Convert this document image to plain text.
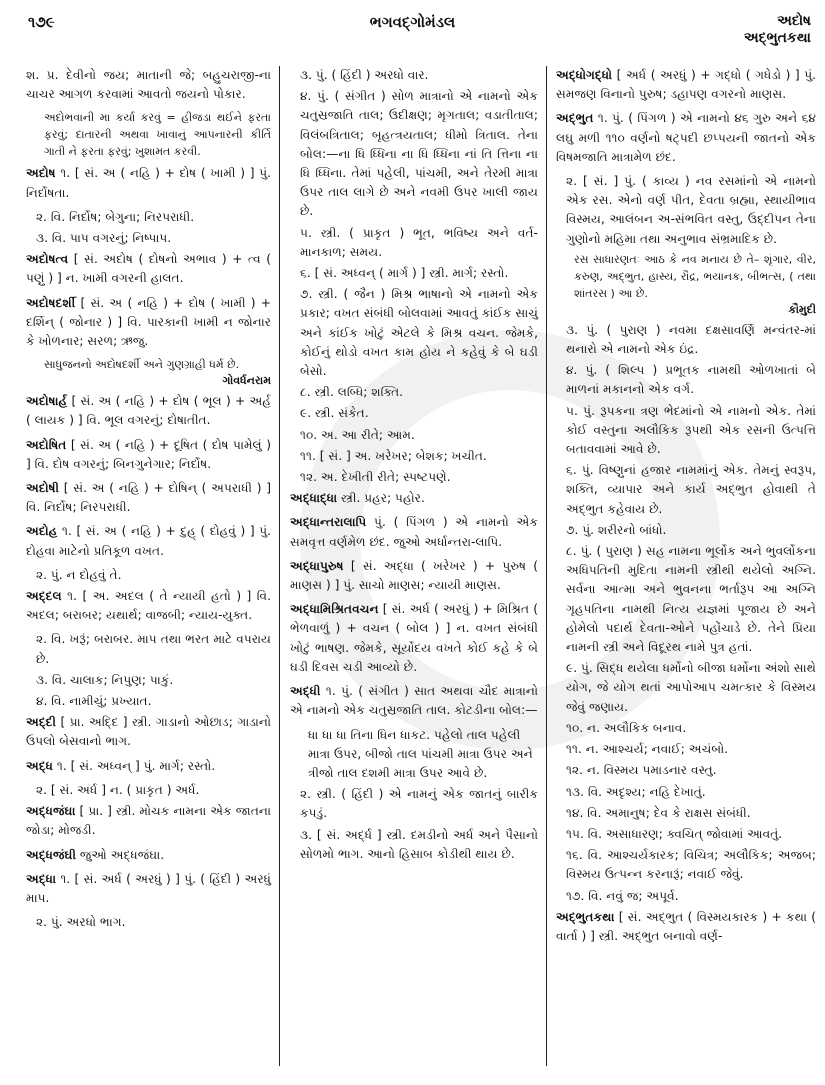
૧૭૯	ભગવદ્ગોમંડલ	અદોષ
અદ્ભુતકથા
શ. પ્ર. દેવીનો જય; માતાની જે; બહુચરાજી-ના ચાચર આગળ કરવામાં આવતો જયનો પોકાર.
અદોભવાની મા કર્યા કરવું = હીજડા થઈને ફરતા ફરવું; દાતારની અથવા ખાવાનું આપનારની કીર્તિ ગાતી ને ફરતા ફરવું; ખુશામત કરવી.
અદોષ ૧. [ સં. અ ( નહિ ) + દોષ ( ખામી ) ] પું. નિર્દોષતા.
૨. વિ. નિર્દોષ; બેગુના; નિરપરાધી.
૩. વિ. પાપ વગરનું; નિષ્પાપ.
અદોષત્વ [ સં. અદોષ ( દોષનો અભાવ ) + ત્વ ( પણું ) ] ન. ખામી વગરની હાલત.
અદોષદર્શી [ સં. અ ( નહિ ) + દોષ ( ખામી ) + દર્શિન્ ( જોનાર ) ] વિ. પારકાની ખામી ન જોનાર કે ખોળનાર; સરળ; ઋજુ.
સાધુજનનો અદોષદર્શી અને ગુણગ્રાહી ધર્મ છે.
ગોવર્ધનરામ
અદોષાર્હ [ સં. અ ( નહિ ) + દોષ ( ભૂલ ) + અર્હ ( લાયક ) ] વિ. ભૂલ વગરનું; દોષાતીત.
અદોષિત [ સં. અ ( નહિ ) + દૂષિત ( દોષ પામેલું ) ] વિ. દોષ વગરનું; બિનગુનેગાર; નિર્દોષ.
અદોષી [ સં. અ ( નહિ ) + દોષિન્ ( અપરાધી ) ] વિ. નિર્દોષ; નિરપરાધી.
અદોહ ૧. [ સં. અ ( નહિ ) + દુહ્ ( દોહવું ) ] પું. દોહવા માટેનો પ્રતિકૂળ વખત.
૨. પું. ન દોહવું તે.
અદ્દલ ૧. [ અ. અદલ ( તે ન્યાયી હતો ) ] વિ. અદલ; બરાબર; યથાર્થ; વાજબી; ન્યાય-યુક્ત.
૨. વિ. ખરૂં; બરાબર. માપ તથા ભરત માટે વપરાય છે.
૩. વિ. ચાલાક; નિપુણ; પાકું.
૪. વિ. નામીચું; પ્રખ્યાત.
અદ્દી [ પ્રા. અદ્દિ ] સ્ત્રી. ગાડાનો ઓછાડ; ગાડાનો ઉપલો બેસવાનો ભાગ.
અદ્ધ ૧. [ સં. અધ્વન્ ] પું. માર્ગ; રસ્તો.
૨. [ સં. અર્ધ ] ન. ( પ્રાકૃત ) અર્ધ.
અદ્ધજંઘા [ પ્રા. ] સ્ત્રી. મોચક નામના એક જાતના જોડા; મોજડી.
અદ્ધજંઘી જુઓ અદ્ધજંઘા.
અદ્ધા ૧. [ સં. અર્ધ ( અરધું ) ] પું. ( હિંદી ) અરધું માપ.
૨. પું. અરધો ભાગ.
૩. પું. ( હિંદી ) અરધો વાર.
૪. પું. ( સંગીત ) સોળ માત્રાનો એ નામનો એક ચતુસ્રજાતિ તાલ; ઉદીક્ષણ; મૃગતાલ; વડાતીતાલ; વિલંબત્રિતાલ; બૃહત્ત્રયતાલ; ધીમો ત્રિતાલ. તેના બોલ:—ના ધિ ધ્ધિના ના ધિ ધ્ધિના નાં તિ ત્તિના ના ધિ ધ્ધિના. તેમાં પહેલી, પાંચમી, અને તેરમી માત્રા ઉપર તાલ લાગે છે અને નવમી ઉપર ખાલી જાય છે.
૫. સ્ત્રી. ( પ્રાકૃત ) ભૂત, ભવિષ્ય અને વર્ત-માનકાળ; સમય.
૬. [ સં. અધ્વન્ ( માર્ગ ) ] સ્ત્રી. માર્ગ; રસ્તો.
૭. સ્ત્રી. ( જૈન ) મિશ્ર ભાષાનો એ નામનો એક પ્રકાર; વખત સંબંધી બોલવામાં આવતું કાંઈક સાચું અને કાંઈક ખોટું એટલે કે મિશ્ર વચન. જેમકે, કોઈનું થોડો વખત કામ હોય ને કહેવું કે બે ઘડી બેસો.
૮. સ્ત્રી. લબ્ધિ; શક્તિ.
૯. સ્ત્રી. સંકેત.
૧૦. અ. આ રીતે; આમ.
૧૧. [ સં. ] અ. ખરેખર; બેશક; ખચીત.
૧૨. અ. દેખીતી રીતે; સ્પષ્ટપણે.
અદ્ધાદ્ધા સ્ત્રી. પ્રહર; પહોર.
અદ્ધાન્તરાલાપિ પું. ( પિંગળ ) એ નામનો એક સમવૃત્ત વર્ણમેળ છંદ. જુઓ અર્ધાન્તરા-લાપિ.
અદ્ધાપુરુષ [ સં. અદ્ધા ( ખરેખર ) + પુરુષ ( માણસ ) ] પું. સાચો માણસ; ન્યાયી માણસ.
અદ્ધામિશ્રિતવચન [ સં. અર્ધ ( અરધું ) + મિશ્રિત ( ભેળવાળું ) + વચન ( બોલ ) ] ન. વખત સંબંધી ખોટું ભાષણ. જેમકે, સૂર્યોદય વખતે કોઈ કહે કે બે ઘડી દિવસ ચડી આવ્યો છે.
અદ્ધી ૧. પું. ( સંગીત ) સાત અથવા ચૌદ માત્રાનો એ નામનો એક ચતુસ્રજાતિ તાલ. કોટડીના બોલ:—
ધા ધા ધા તિના ધિન ધાકટ. પહેલો તાલ પહેલી માત્રા ઉપર, બીજો તાલ પાંચમી માત્રા ઉપર અને ત્રીજો તાલ દશમી માત્રા ઉપર આવે છે.
૨. સ્ત્રી. ( હિંદી ) એ નામનું એક જાતનું બારીક કપડું.
૩. [ સં. અર્દ્ધ ] સ્ત્રી. દમડીનો અર્ધ અને પૈસાનો સોળમો ભાગ. આનો હિસાબ કોડીથી થાય છે.
અદ્ધોગદ્ધો [ અર્ધ ( અરધું ) + ગદ્ધો ( ગધેડો ) ] પું. સમજણ વિનાનો પુરુષ; ડહાપણ વગરનો માણસ.
અદ્ભુત ૧. પું. ( પિંગળ ) એ નામનો ૪૬ ગુરુ અને ૬૪ લઘુ મળી ૧૧૦ વર્ણનો ષટ્પદી છપ્પયની જાતનો એક વિષમજાતિ માત્રામેળ છંદ.
૨. [ સં. ] પું. ( કાવ્ય ) નવ રસમાંનો એ નામનો એક રસ. એનો વર્ણ પીત, દેવતા બ્રહ્મા, સ્થાયીભાવ વિસ્મય, આલંબન અ-સંભવિત વસ્તુ, ઉદ્દીપન તેના ગુણોનો મહિમા તથા અનુભાવ સંભ્રમાદિક છે.
રસ સાધારણતઃ આઠ કે નવ મનાય છે તે– શૃંગાર, વીર, કરુણ, અદ્ભુત, હાસ્ય, રૌદ્ર, ભયાનક, બીભત્સ, ( તથા શાંતરસ ) આ છે.
કૌમુદી
૩. પું. ( પુરાણ ) નવમા દક્ષસાવર્ણિ મન્વંતર-માં થનારો એ નામનો એક ઇંદ્ર.
૪. પું. ( શિલ્પ ) પ્રભૂતક નામથી ઓળખાતાં બે માળનાં મકાનનો એક વર્ગ.
૫. પું. રૂપકના ત્રણ ભેદમાંનો એ નામનો એક. તેમાં કોઈ વસ્તુના અલૌકિક રૂપથી એક રસની ઉત્પત્તિ બતાવવામાં આવે છે.
૬. પું. વિષ્ણુનાં હજાર નામમાંનું એક. તેમનું સ્વરૂપ, શક્તિ, વ્યાપાર અને કાર્ય અદ્ભુત હોવાથી તે અદ્ભુત કહેવાય છે.
૭. પું. શરીરનો બાંધો.
૮. પું. ( પુરાણ ) સહ નામના ભૂર્લોક અને ભુવર્લોકના અધિપતિની મુદિતા નામની સ્ત્રીથી થયેલો અગ્નિ. સર્વના આત્મા અને ભુવનના ભર્તારૂપ આ અગ્નિ ગૃહપતિના નામથી નિત્ય યજ્ઞમાં પૂજાય છે અને હોમેલો પદાર્થ દેવતા-ઓને પહોંચાડે છે. તેને પ્રિયા નામની સ્ત્રી અને વિદૂરથ નામે પુત્ર હતાં.
૯. પું. સિદ્ધ થયેલા ધર્મોનો બીજા ધર્મોના અંશો સાથે યોગ, જે યોગ થતાં આપોઆપ ચમત્કાર કે વિસ્મય જેવું જણાય.
૧૦. ન. અલૌકિક બનાવ.
૧૧. ન. આશ્ચર્ય; નવાઈ; અચંબો.
૧૨. ન. વિસ્મય પમાડનાર વસ્તુ.
૧૩. વિ. અદૃશ્ય; નહિ દેખાતું.
૧૪. વિ. અમાનુષ; દેવ કે રાક્ષસ સંબંધી.
૧૫. વિ. અસાધારણ; ક્વચિત્ જોવામાં આવતું.
૧૬. વિ. આશ્ચર્યકારક; વિચિત્ર; અલૌકિક; અજબ; વિસ્મય ઉત્પન્ન કરનારૂં; નવાઈ જેવું.
૧૭. વિ. નવું જ; અપૂર્વ.
અદ્ભુતકથા [ સં. અદ્ભુત ( વિસ્મયકારક ) + કથા ( વાર્તા ) ] સ્ત્રી. અદ્ભુત બનાવો વર્ણ-
